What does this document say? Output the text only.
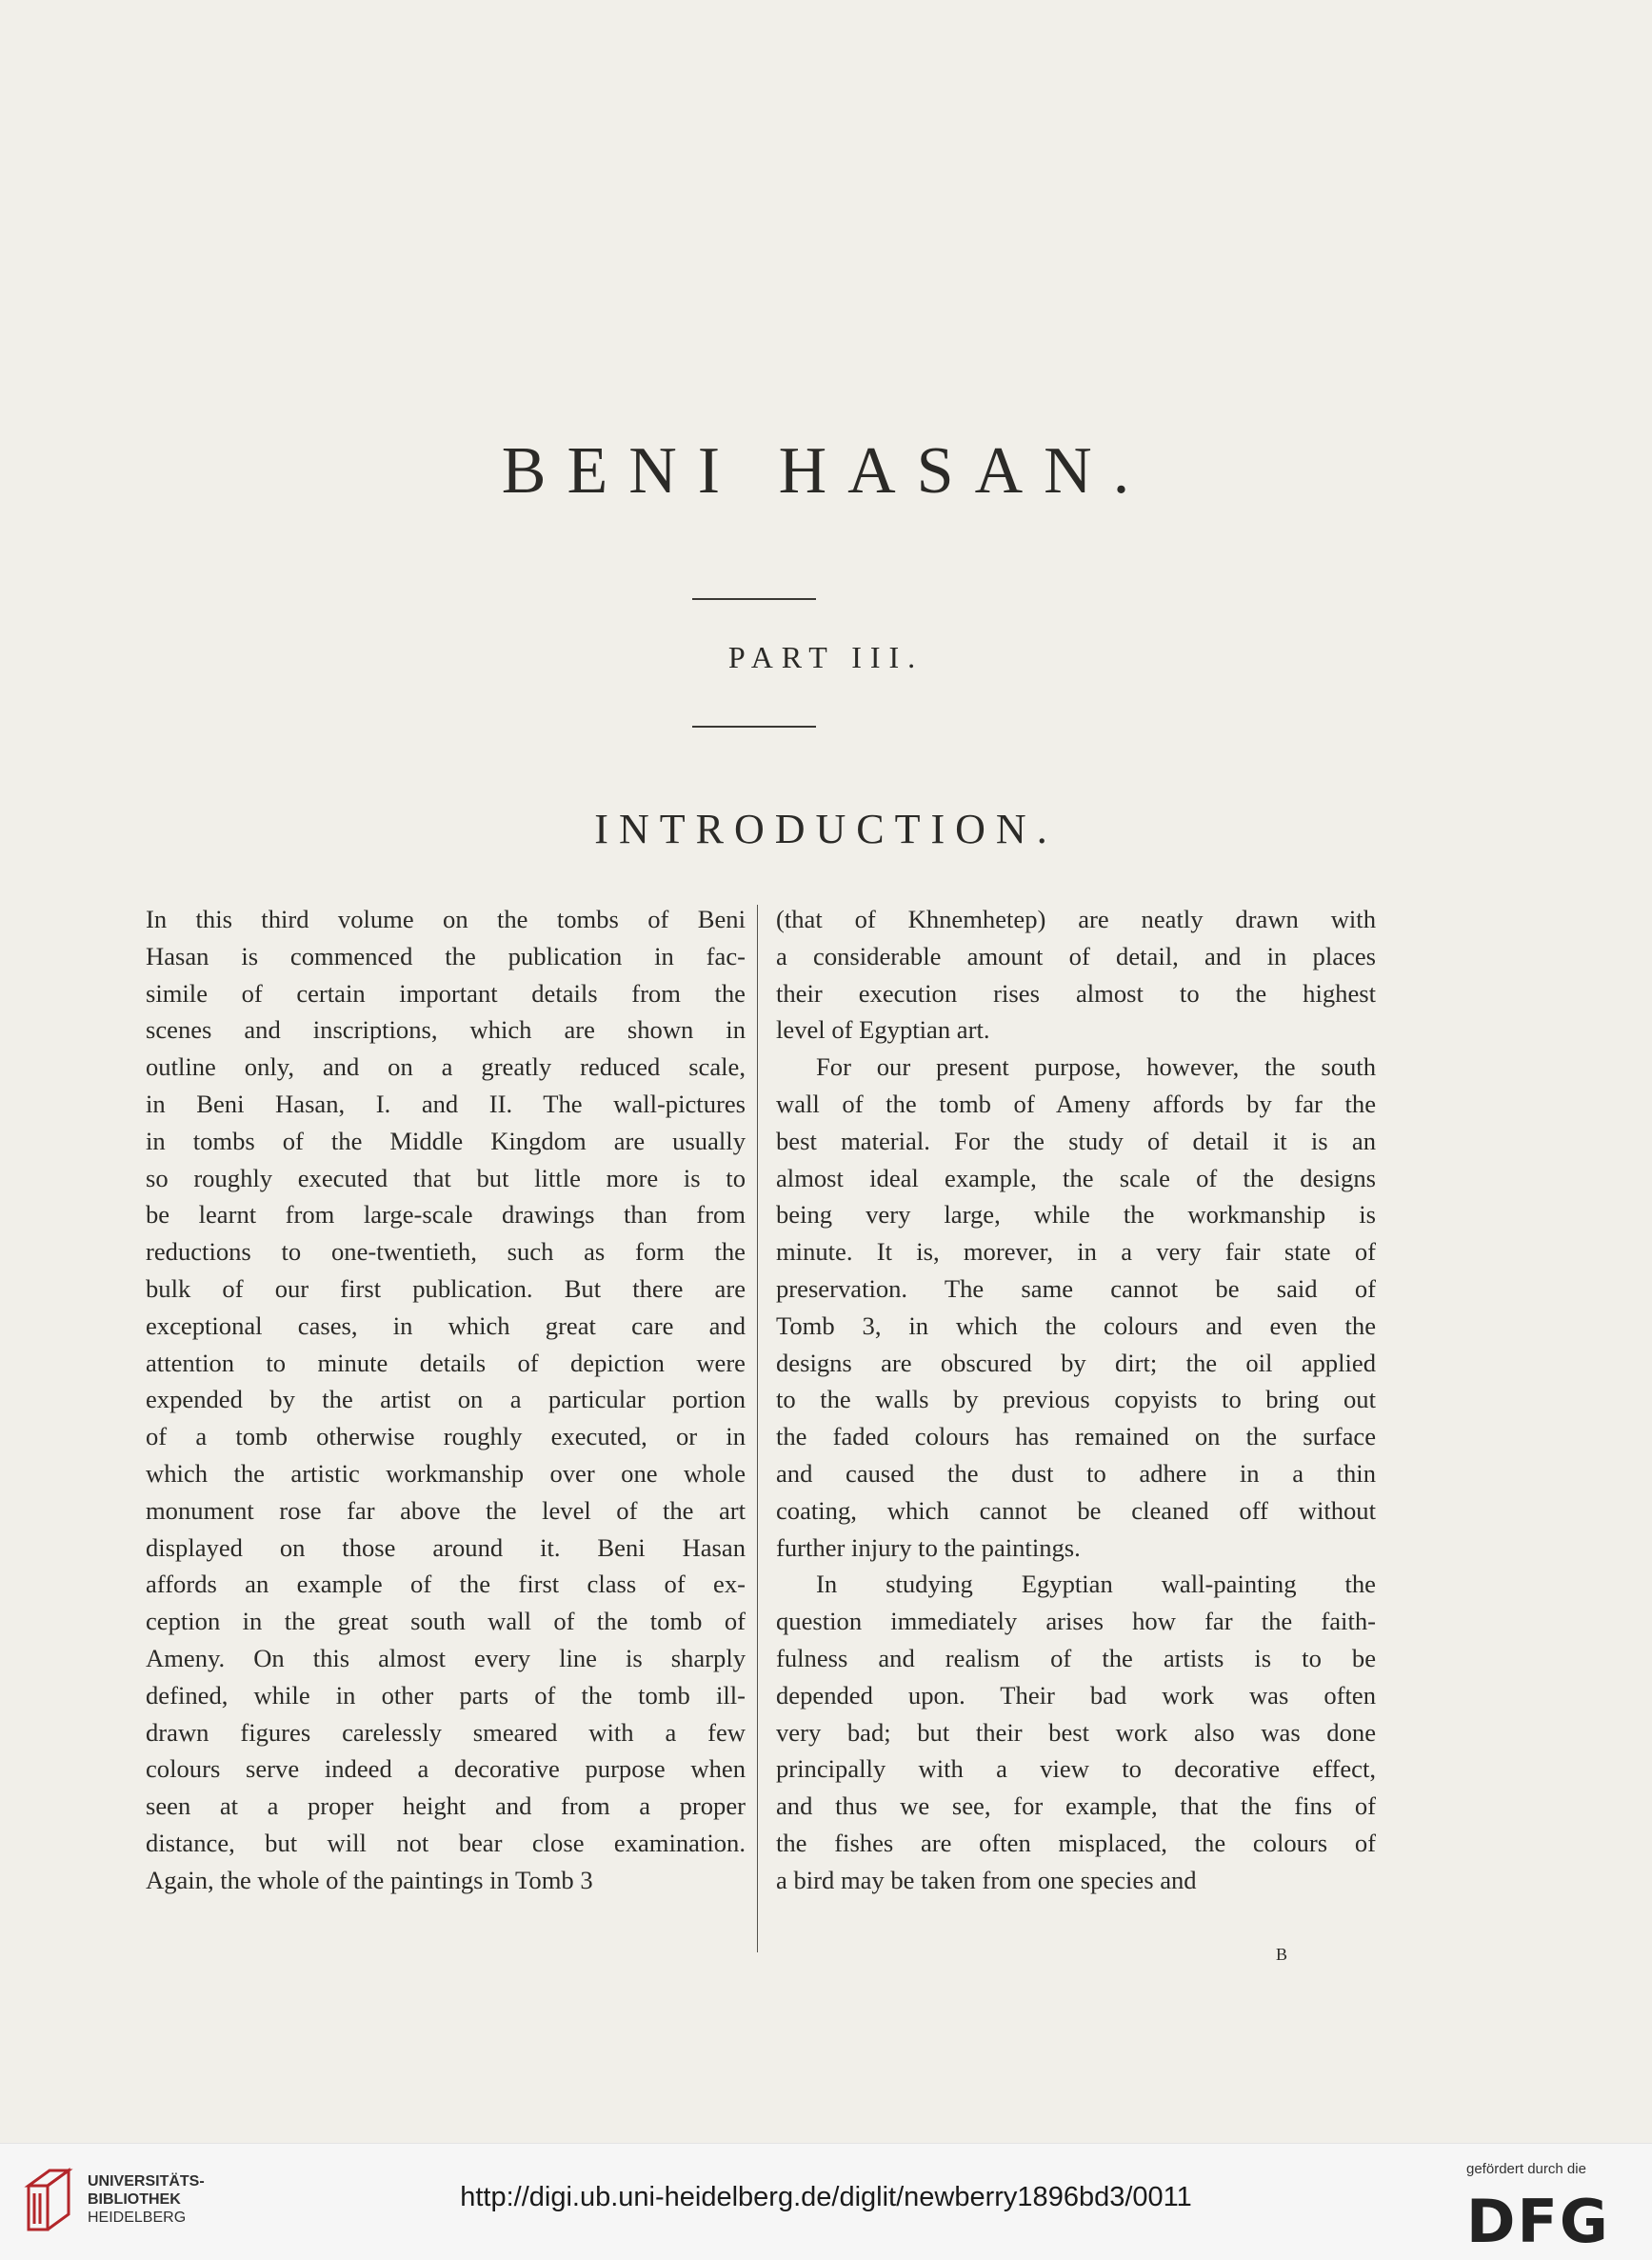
BENI HASAN.
PART III.
INTRODUCTION.
In this third volume on the tombs of Beni
Hasan is commenced the publication in fac-
simile of certain important details from the
scenes and inscriptions, which are shown in
outline only, and on a greatly reduced scale,
in Beni Hasan, I. and II. The wall-pictures
in tombs of the Middle Kingdom are usually
so roughly executed that but little more is to
be learnt from large-scale drawings than from
reductions to one-twentieth, such as form the
bulk of our first publication. But there are
exceptional cases, in which great care and
attention to minute details of depiction were
expended by the artist on a particular portion
of a tomb otherwise roughly executed, or in
which the artistic workmanship over one whole
monument rose far above the level of the art
displayed on those around it. Beni Hasan
affords an example of the first class of ex-
ception in the great south wall of the tomb of
Ameny. On this almost every line is sharply
defined, while in other parts of the tomb ill-
drawn figures carelessly smeared with a few
colours serve indeed a decorative purpose when
seen at a proper height and from a proper
distance, but will not bear close examination.
Again, the whole of the paintings in Tomb 3
(that of Khnemhetep) are neatly drawn with
a considerable amount of detail, and in places
their execution rises almost to the highest
level of Egyptian art.
For our present purpose, however, the south
wall of the tomb of Ameny affords by far the
best material. For the study of detail it is an
almost ideal example, the scale of the designs
being very large, while the workmanship is
minute. It is, morever, in a very fair state of
preservation. The same cannot be said of
Tomb 3, in which the colours and even the
designs are obscured by dirt; the oil applied
to the walls by previous copyists to bring out
the faded colours has remained on the surface
and caused the dust to adhere in a thin
coating, which cannot be cleaned off without
further injury to the paintings.
In studying Egyptian wall-painting the
question immediately arises how far the faith-
fulness and realism of the artists is to be
depended upon. Their bad work was often
very bad; but their best work also was done
principally with a view to decorative effect,
and thus we see, for example, that the fins of
the fishes are often misplaced, the colours of
a bird may be taken from one species and
B
UNIVERSITÄTS-
BIBLIOTHEK
HEIDELBERG
http://digi.ub.uni-heidelberg.de/diglit/newberry1896bd3/0011
gefördert durch die
DFG
